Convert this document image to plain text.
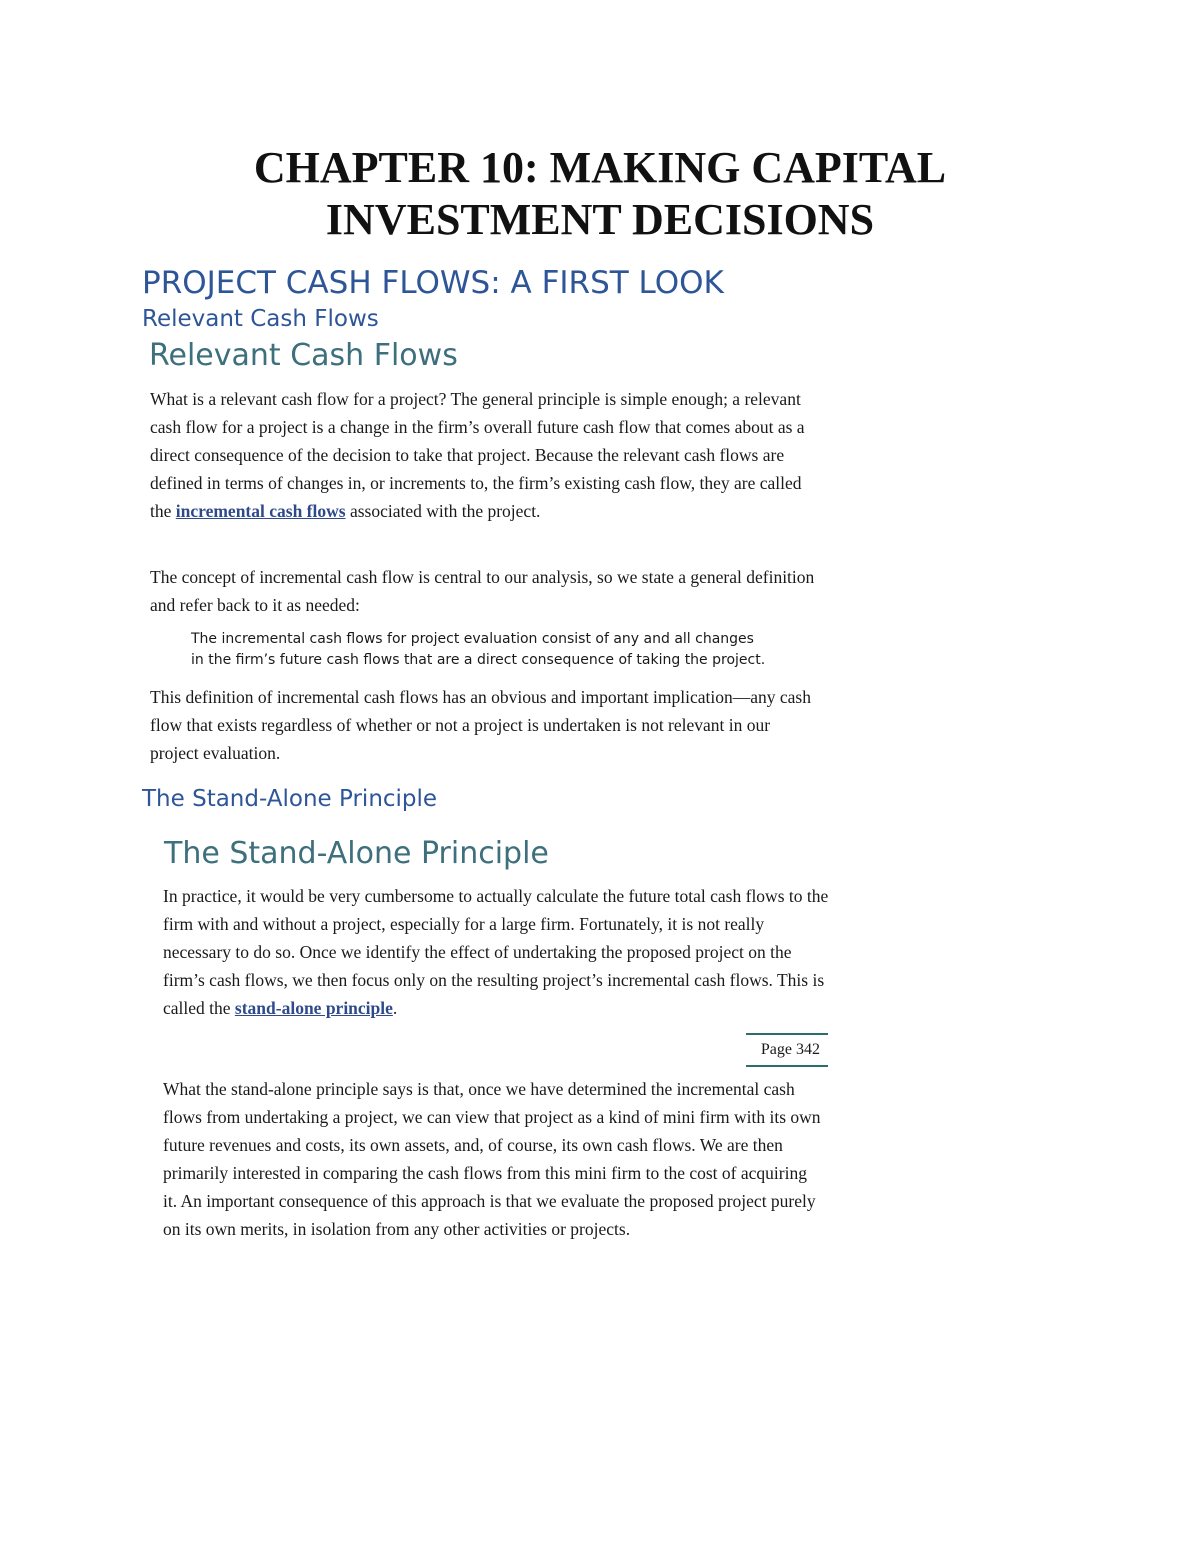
CHAPTER 10: MAKING CAPITAL
INVESTMENT DECISIONS
PROJECT CASH FLOWS: A FIRST LOOK
Relevant Cash Flows
Relevant Cash Flows

What is a relevant cash flow for a project? The general principle is simple enough; a relevant cash flow for a project is a change in the firm’s overall future cash flow that comes about as a direct consequence of the decision to take that project. Because the relevant cash flows are defined in terms of changes in, or increments to, the firm’s existing cash flow, they are called the incremental cash flows associated with the project.

The concept of incremental cash flow is central to our analysis, so we state a general definition and refer back to it as needed:

The incremental cash flows for project evaluation consist of any and all changes in the firm’s future cash flows that are a direct consequence of taking the project.

This definition of incremental cash flows has an obvious and important implication—any cash flow that exists regardless of whether or not a project is undertaken is not relevant in our project evaluation.

The Stand-Alone Principle
The Stand-Alone Principle

In practice, it would be very cumbersome to actually calculate the future total cash flows to the firm with and without a project, especially for a large firm. Fortunately, it is not really necessary to do so. Once we identify the effect of undertaking the proposed project on the firm’s cash flows, we then focus only on the resulting project’s incremental cash flows. This is called the stand-alone principle.

Page 342

What the stand-alone principle says is that, once we have determined the incremental cash flows from undertaking a project, we can view that project as a kind of mini firm with its own future revenues and costs, its own assets, and, of course, its own cash flows. We are then primarily interested in comparing the cash flows from this mini firm to the cost of acquiring it. An important consequence of this approach is that we evaluate the proposed project purely on its own merits, in isolation from any other activities or projects.
